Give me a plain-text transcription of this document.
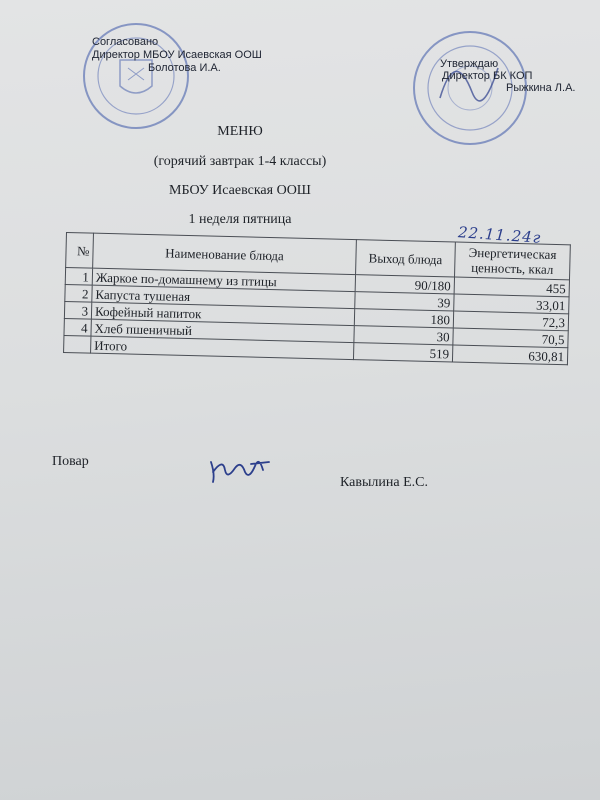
Согласовано
Директор МБОУ Исаевская ООШ
Болотова И.А.	Утверждаю
Директор БК КОП
Рыжкина Л.А.
МЕНЮ
(горячий завтрак 1-4 классы)
МБОУ Исаевская ООШ
1 неделя пятница
22.11.24г
№	Наименование блюда	Выход блюда	Энергетическая ценность, ккал
1	Жаркое по-домашнему из птицы	90/180	455
2	Капуста тушеная	39	33,01
3	Кофейный напиток	180	72,3
4	Хлеб пшеничный	30	70,5
	Итого	519	630,81
Повар
Кавылина Е.С.
